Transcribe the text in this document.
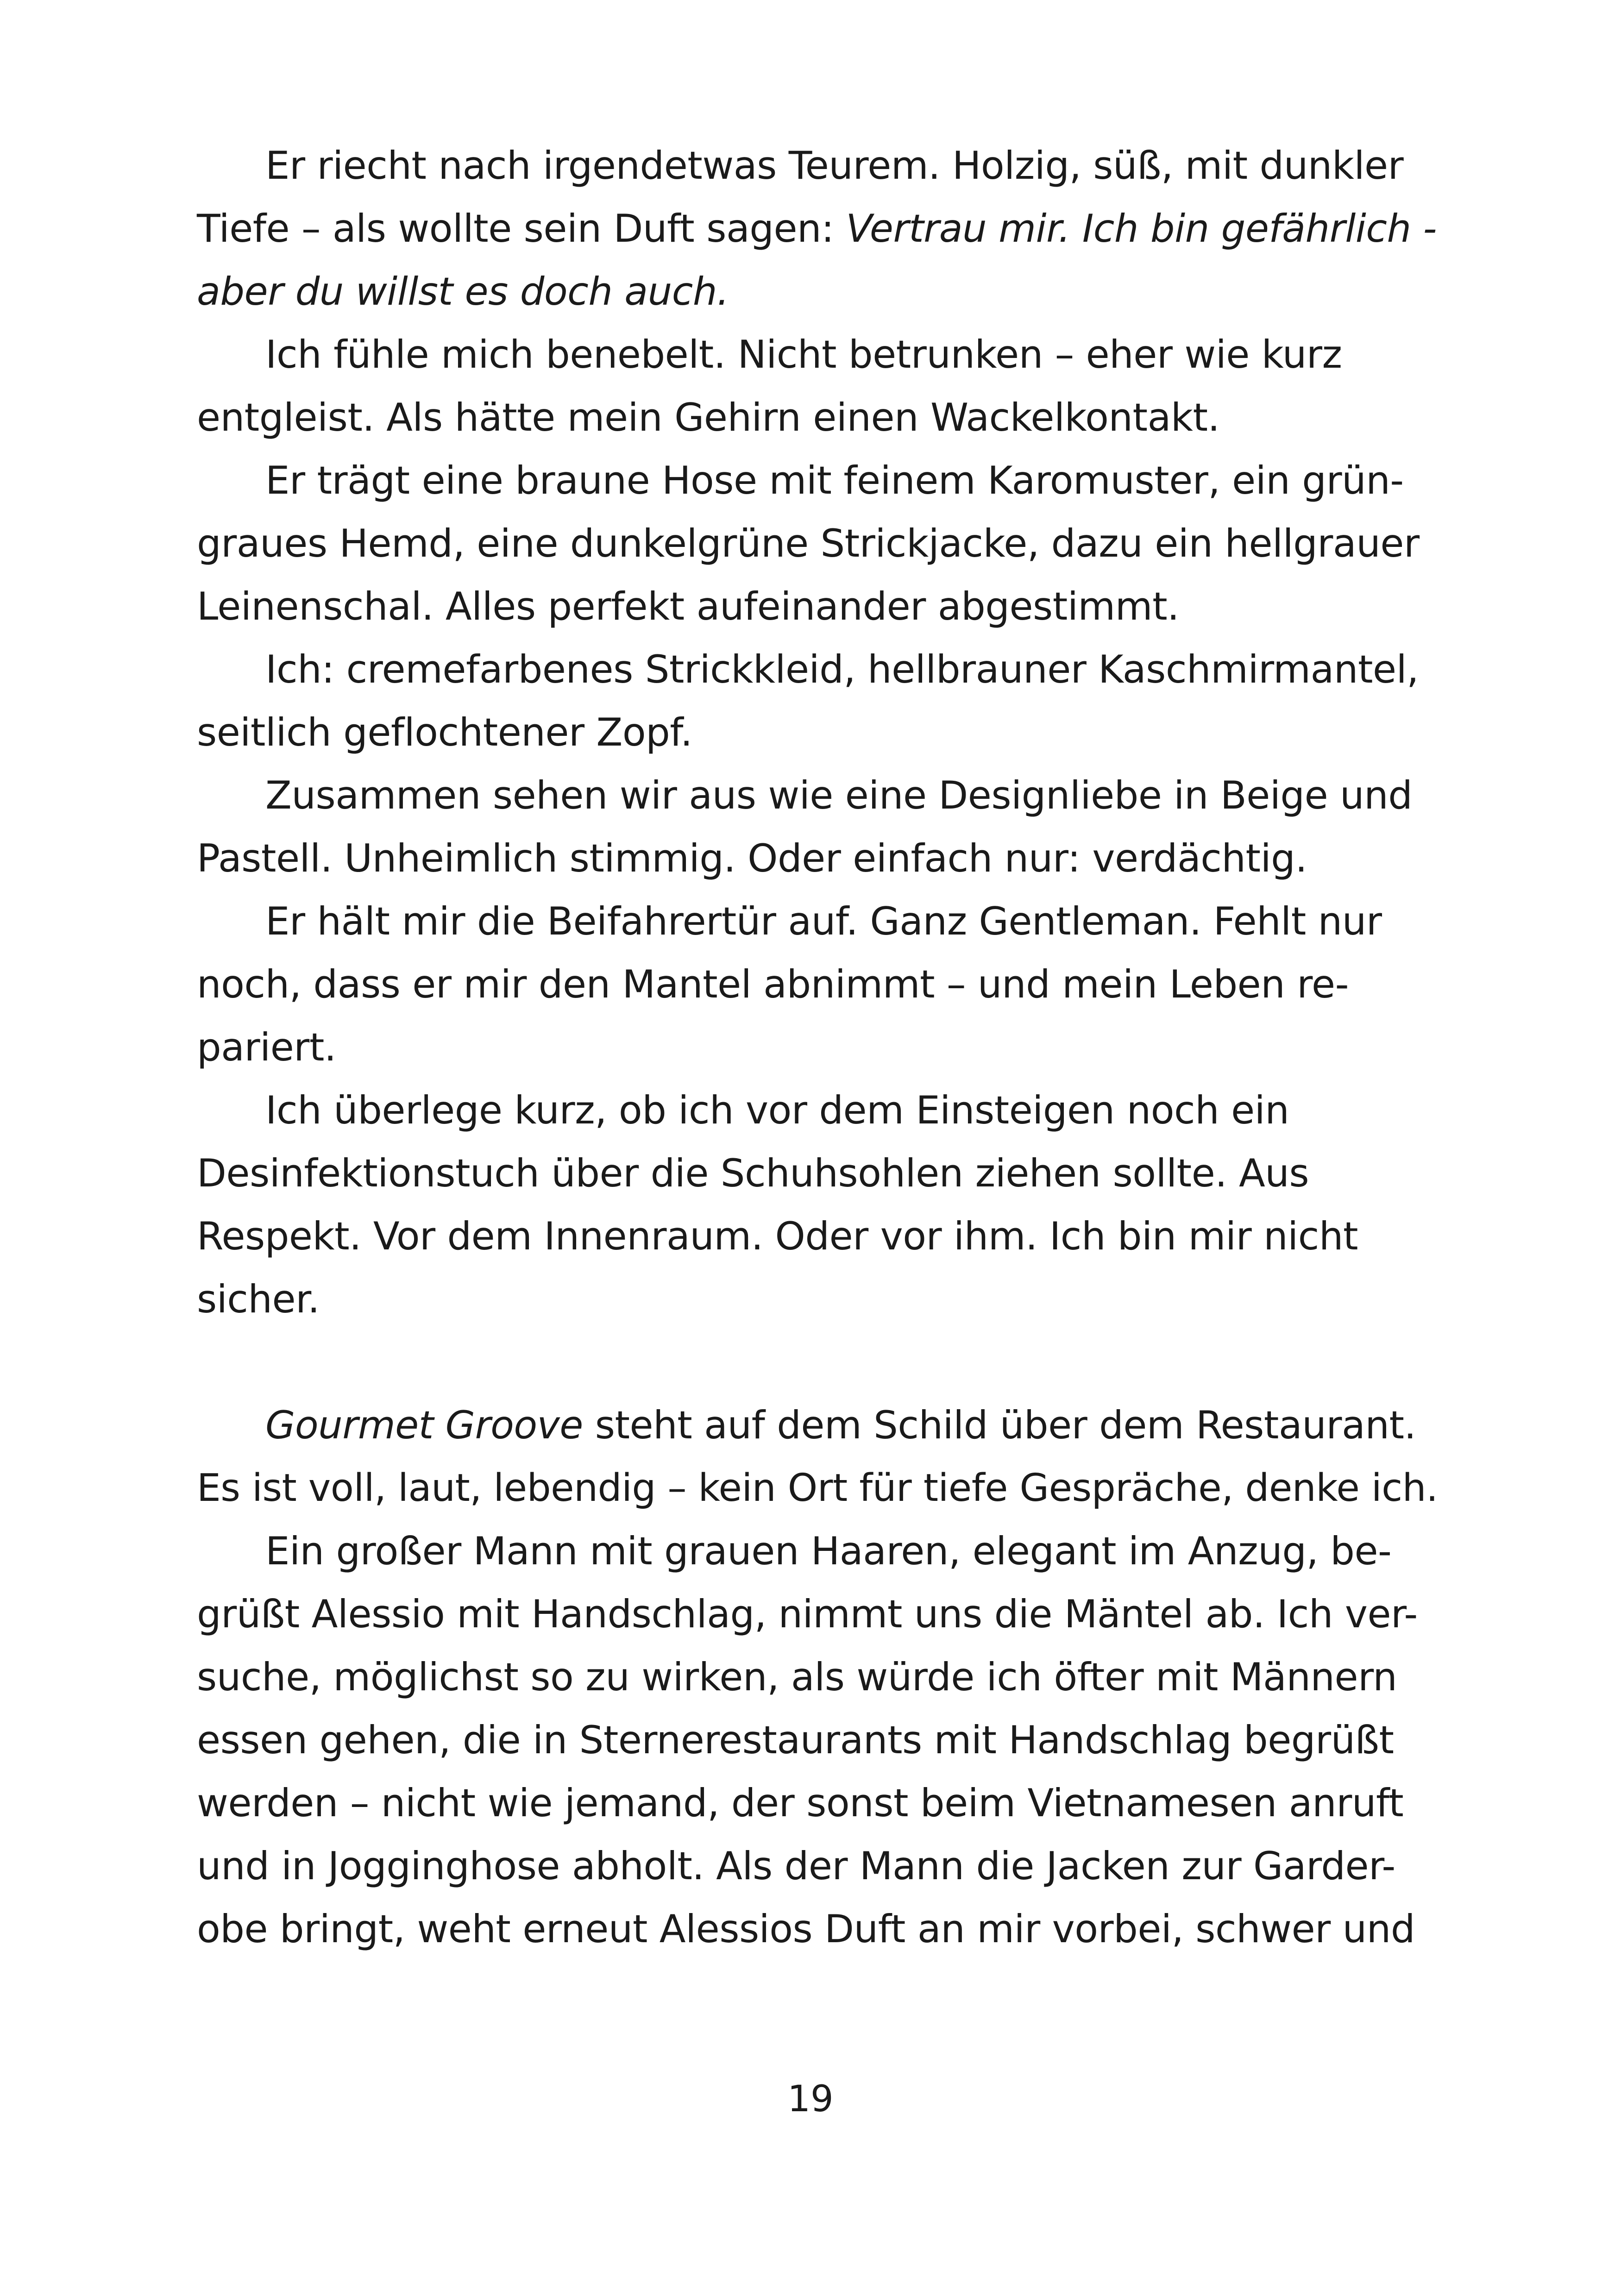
Er riecht nach irgendetwas Teurem. Holzig, süß, mit dunkler
Tiefe – als wollte sein Duft sagen: Vertrau mir. Ich bin gefährlich -
aber du willst es doch auch.
Ich fühle mich benebelt. Nicht betrunken – eher wie kurz
entgleist. Als hätte mein Gehirn einen Wackelkontakt.
Er trägt eine braune Hose mit feinem Karomuster, ein grün-
graues Hemd, eine dunkelgrüne Strickjacke, dazu ein hellgrauer
Leinenschal. Alles perfekt aufeinander abgestimmt.
Ich: cremefarbenes Strickkleid, hellbrauner Kaschmirmantel,
seitlich geflochtener Zopf.
Zusammen sehen wir aus wie eine Designliebe in Beige und
Pastell. Unheimlich stimmig. Oder einfach nur: verdächtig.
Er hält mir die Beifahrertür auf. Ganz Gentleman. Fehlt nur
noch, dass er mir den Mantel abnimmt – und mein Leben re-
pariert.
Ich überlege kurz, ob ich vor dem Einsteigen noch ein
Desinfektionstuch über die Schuhsohlen ziehen sollte. Aus
Respekt. Vor dem Innenraum. Oder vor ihm. Ich bin mir nicht
sicher.
Gourmet Groove steht auf dem Schild über dem Restaurant.
Es ist voll, laut, lebendig – kein Ort für tiefe Gespräche, denke ich.
Ein großer Mann mit grauen Haaren, elegant im Anzug, be-
grüßt Alessio mit Handschlag, nimmt uns die Mäntel ab. Ich ver-
suche, möglichst so zu wirken, als würde ich öfter mit Männern
essen gehen, die in Sternerestaurants mit Handschlag begrüßt
werden – nicht wie jemand, der sonst beim Vietnamesen anruft
und in Jogginghose abholt. Als der Mann die Jacken zur Garder-
obe bringt, weht erneut Alessios Duft an mir vorbei, schwer und
19
